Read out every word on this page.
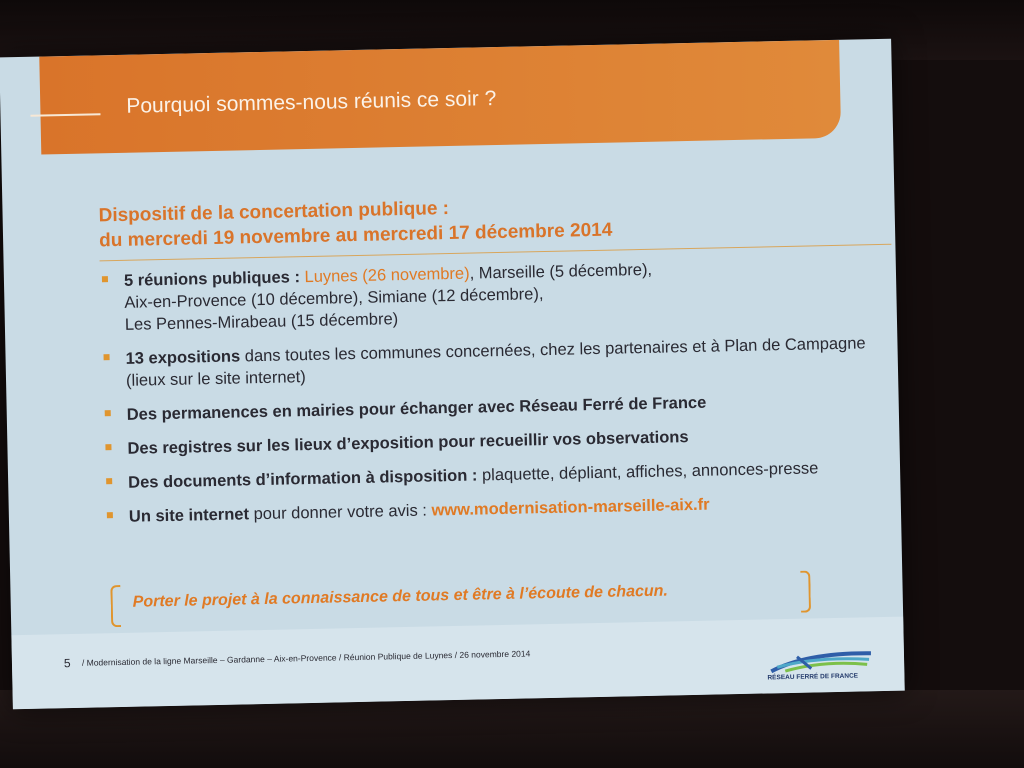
Pourquoi sommes-nous réunis ce soir ?
Dispositif de la concertation publique :
du mercredi 19 novembre au mercredi 17 décembre 2014
5 réunions publiques : Luynes (26 novembre), Marseille (5 décembre),
Aix-en-Provence (10 décembre), Simiane (12 décembre),
Les Pennes-Mirabeau (15 décembre)
13 expositions dans toutes les communes concernées, chez les partenaires et à Plan de Campagne (lieux sur le site internet)
Des permanences en mairies pour échanger avec Réseau Ferré de France
Des registres sur les lieux d’exposition pour recueillir vos observations
Des documents d’information à disposition : plaquette, dépliant, affiches, annonces-presse
Un site internet pour donner votre avis : www.modernisation-marseille-aix.fr
Porter le projet à la connaissance de tous et être à l’écoute de chacun.
5 / Modernisation de la ligne Marseille – Gardanne – Aix-en-Provence / Réunion Publique de Luynes / 26 novembre 2014
RÉSEAU FERRÉ DE FRANCE
